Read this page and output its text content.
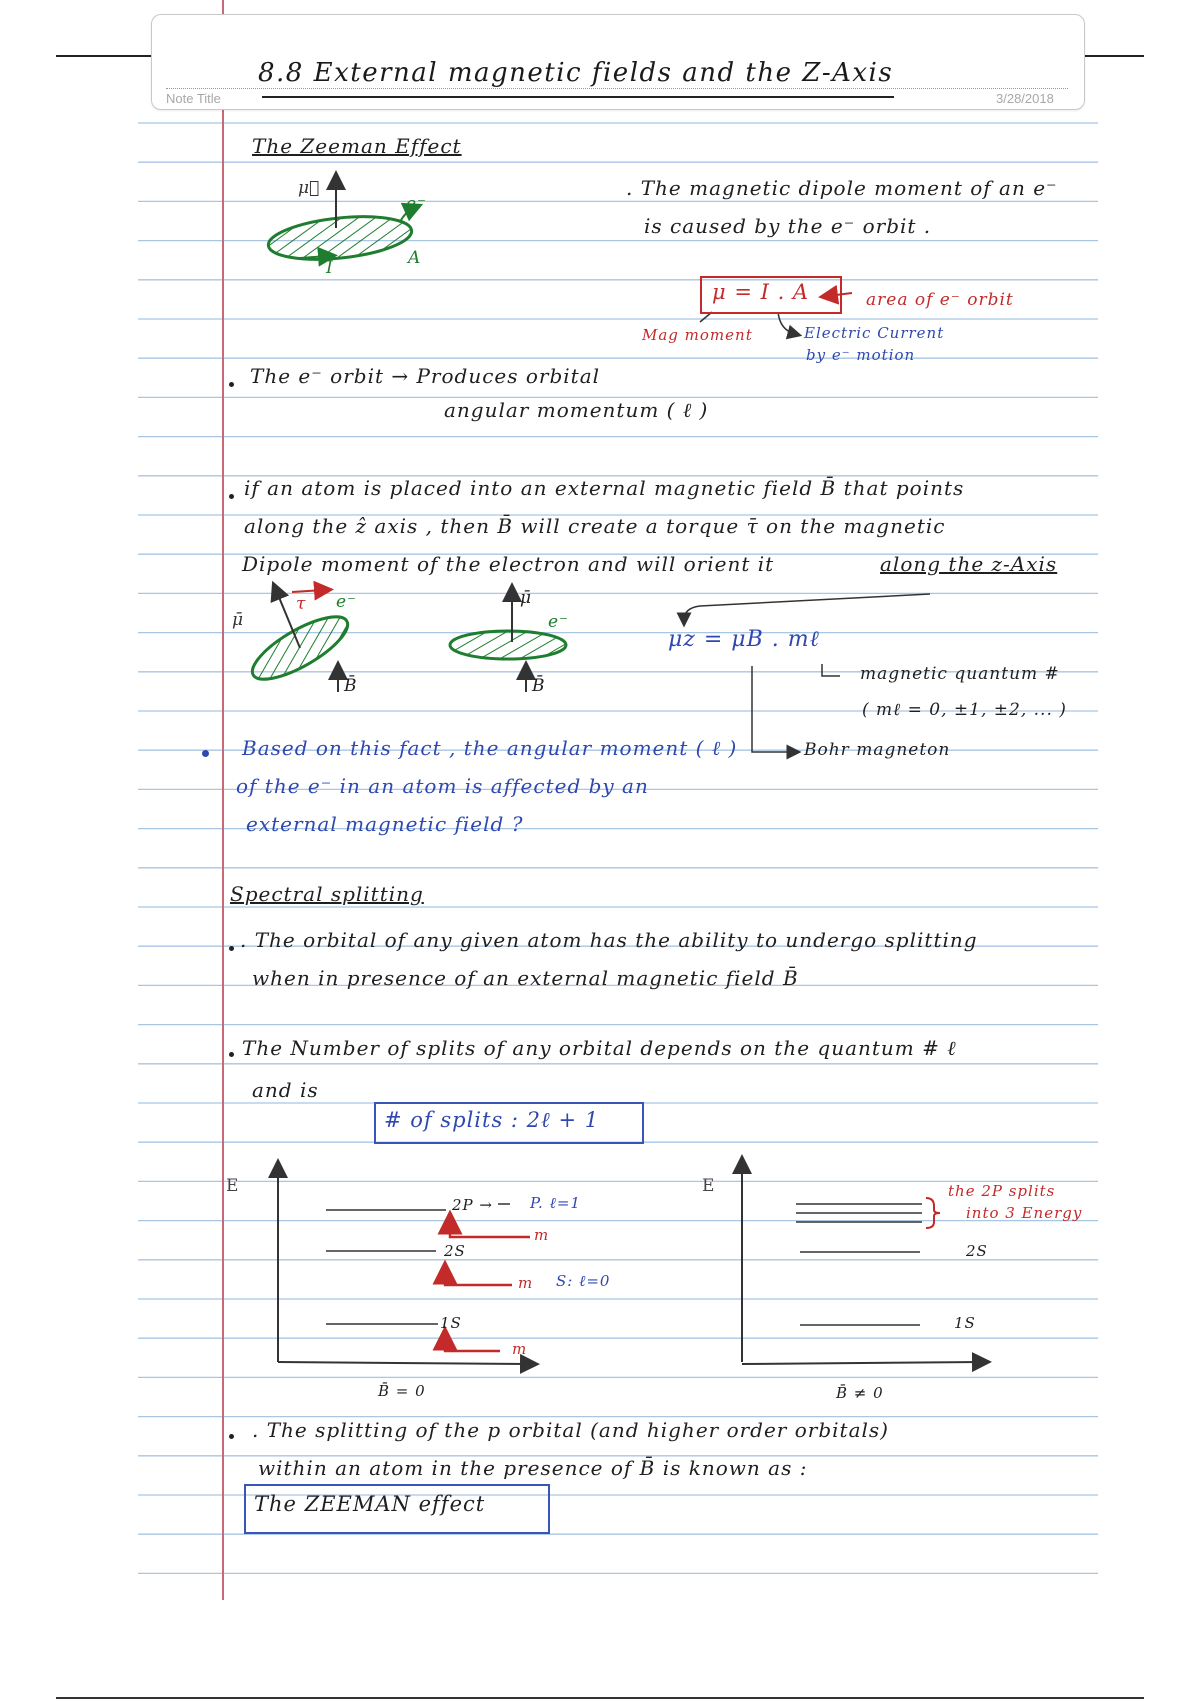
8.8 External magnetic fields and the Z-Axis
Note Title	3/28/2018
The Zeeman Effect
μ⃗
e⁻
I	A
. The magnetic dipole moment of an e⁻
is caused by the e⁻ orbit .
μ = I . A	area of e⁻ orbit
Mag moment	Electric Current
by e⁻ motion
The e⁻ orbit → Produces orbital
angular momentum ( ℓ )
if an atom is placed into an external magnetic field B̄ that points
along the ẑ axis , then B̄ will create a torque τ̄ on the magnetic
Dipole moment of the electron and will orient it	along the z-Axis
μ̄
τ e⁻
B̄
μ̄
e⁻
B̄
μz = μB . mℓ
magnetic quantum #
( mℓ = 0, ±1, ±2, ... )
Bohr magneton
Based on this fact , the angular moment ( ℓ )
of the e⁻ in an atom is affected by an
external magnetic field ?
Spectral splitting
. The orbital of any given atom has the ability to undergo splitting
when in presence of an external magnetic field B̄
The Number of splits of any orbital depends on the quantum # ℓ
and is
# of splits : 2ℓ + 1
E
2P → P. ℓ=1
m
2S
m S: ℓ=0
1S
m
B̄ = 0
E	the 2P splits
into 3 Energy
2S
1S
B̄ ≠ 0
. The splitting of the p orbital (and higher order orbitals)
within an atom in the presence of B̄ is known as :
The ZEEMAN effect
